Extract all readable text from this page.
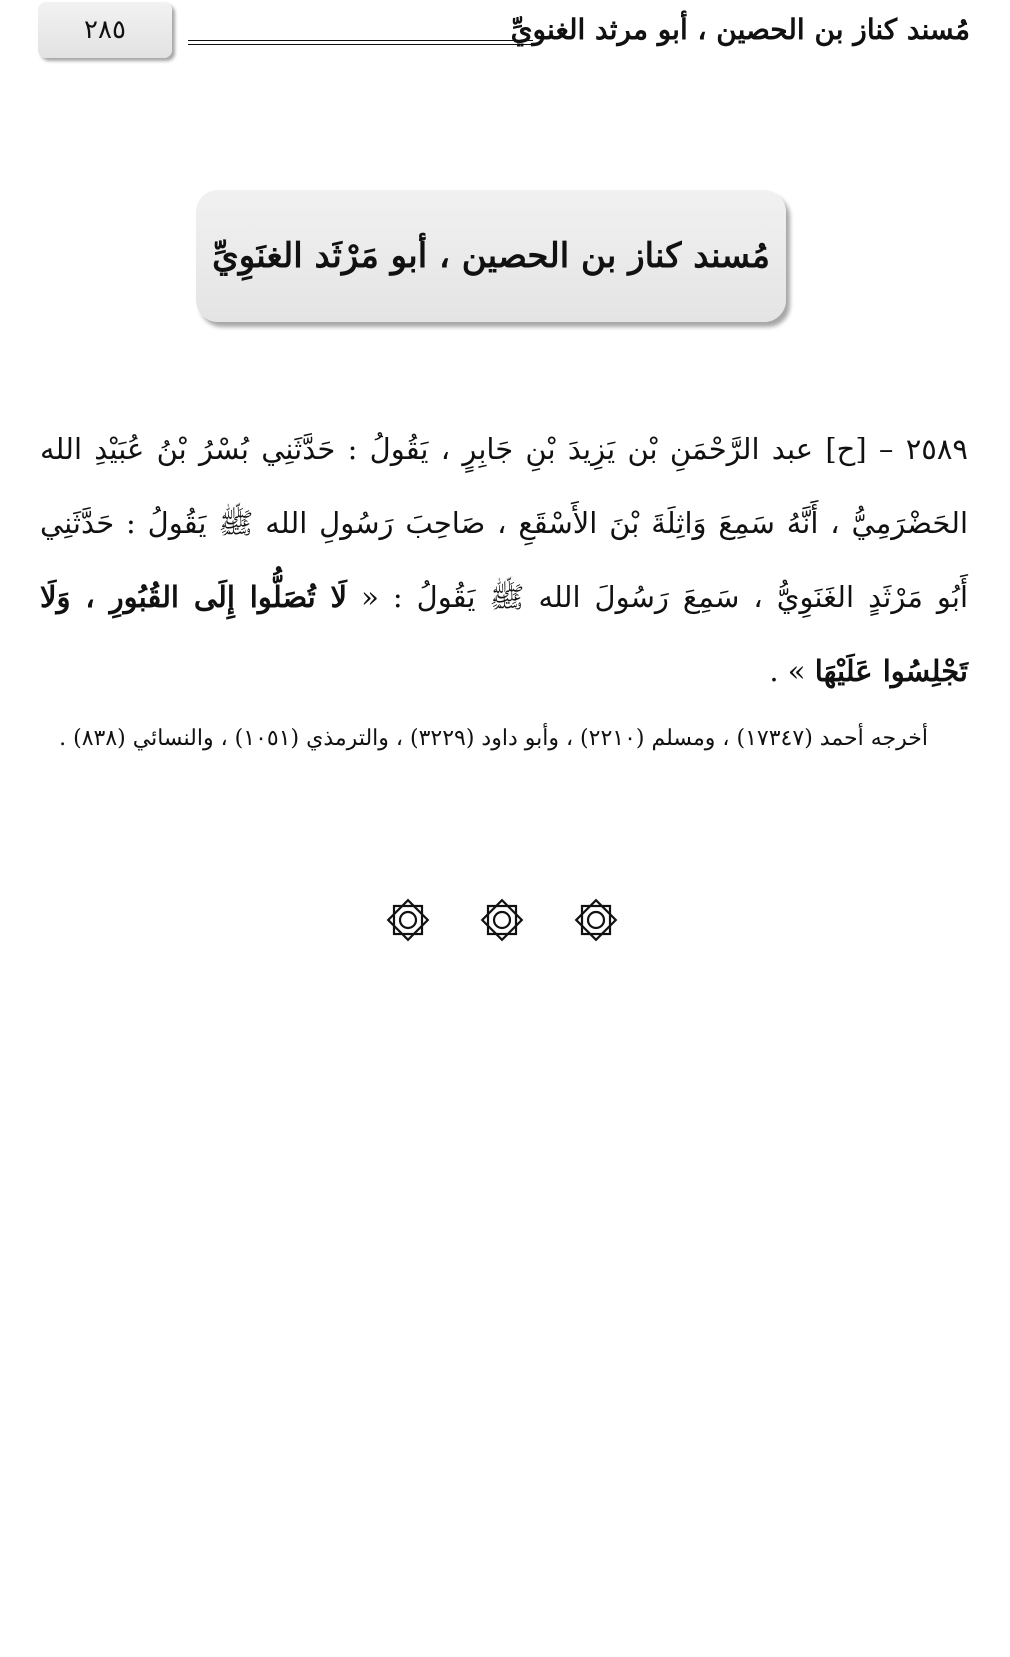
٢٨٥	مُسند كناز بن الحصين ، أبو مرثد الغنويِّ
مُسند كناز بن الحصين ، أبو مَرْثَد الغنَوِيِّ

٢٥٨٩ – [ح] عبد الرَّحْمَنِ بْن يَزِيدَ بْنِ جَابِرٍ ، يَقُولُ : حَدَّثَنِي بُسْرُ بْنُ عُبَيْدِ الله الحَضْرَمِيُّ ، أَنَّهُ سَمِعَ وَاثِلَةَ بْنَ الأَسْقَعِ ، صَاحِبَ رَسُولِ الله ﷺ يَقُولُ : حَدَّثَنِي أَبُو مَرْثَدٍ الغَنَوِيُّ ، سَمِعَ رَسُولَ الله ﷺ يَقُولُ : « لَا تُصَلُّوا إِلَى القُبُورِ ، وَلَا تَجْلِسُوا عَلَيْهَا » .

أخرجه أحمد (١٧٣٤٧) ، ومسلم (٢٢١٠) ، وأبو داود (٣٢٢٩) ، والترمذي (١٠٥١) ، والنسائي (٨٣٨) .
